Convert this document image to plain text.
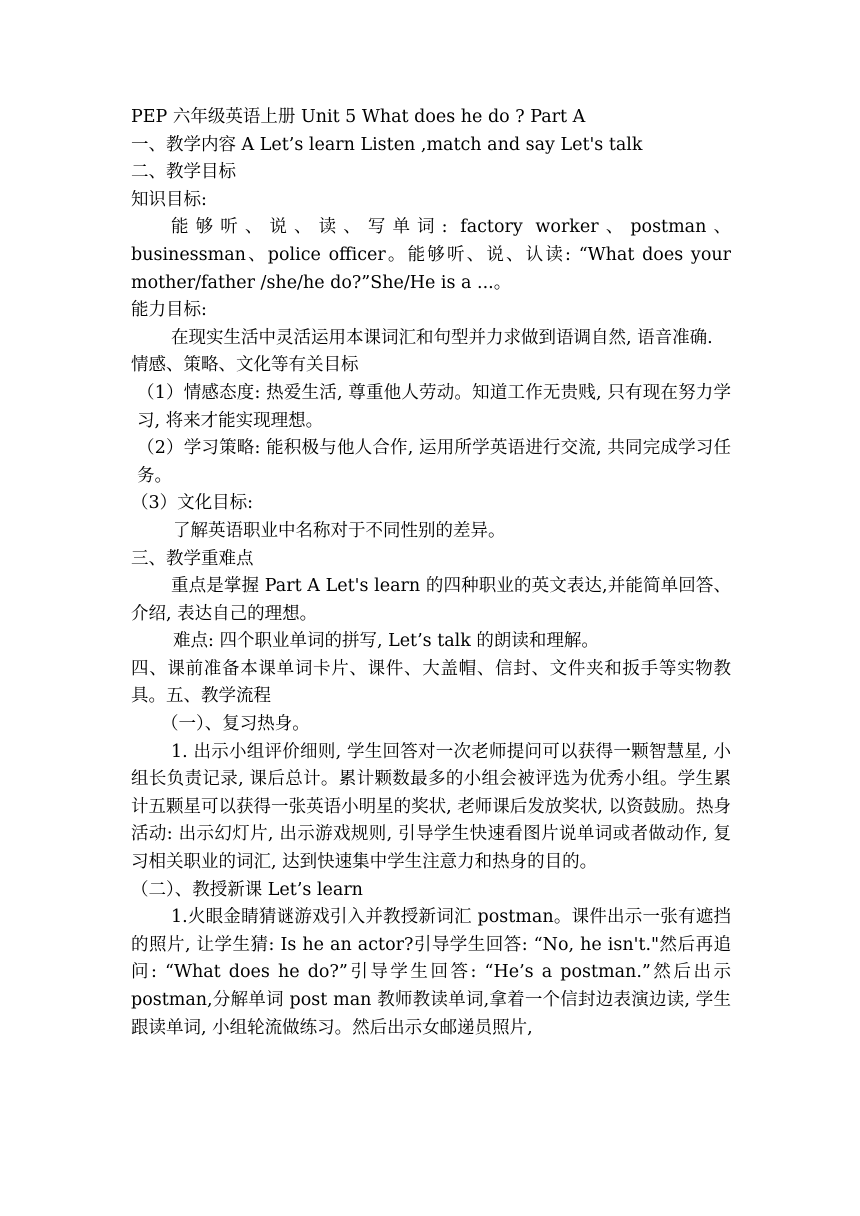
PEP 六年级英语上册 Unit 5 What does he do ? Part A
一、教学内容 A Let’s learn Listen ,match and say Let's talk
二、教学目标
知识目标:
能够听、说、读、写单词: factory worker、postman、businessman、police officer。能够听、说、认读: “What does your mother/father /she/he do?”She/He is a ...。
能力目标:
在现实生活中灵活运用本课词汇和句型并力求做到语调自然, 语音准确.
情感、策略、文化等有关目标
（1）情感态度: 热爱生活, 尊重他人劳动。知道工作无贵贱, 只有现在努力学习, 将来才能实现理想。
（2）学习策略: 能积极与他人合作, 运用所学英语进行交流, 共同完成学习任务。
（3）文化目标:
了解英语职业中名称对于不同性别的差异。
三、教学重难点
重点是掌握 Part A Let's learn 的四种职业的英文表达,并能简单回答、介绍, 表达自己的理想。
难点: 四个职业单词的拼写, Let’s talk 的朗读和理解。
四、课前准备本课单词卡片、课件、大盖帽、信封、文件夹和扳手等实物教具。五、教学流程
（一）、复习热身。
1. 出示小组评价细则, 学生回答对一次老师提问可以获得一颗智慧星, 小组长负责记录, 课后总计。累计颗数最多的小组会被评选为优秀小组。学生累计五颗星可以获得一张英语小明星的奖状, 老师课后发放奖状, 以资鼓励。热身活动: 出示幻灯片, 出示游戏规则, 引导学生快速看图片说单词或者做动作, 复习相关职业的词汇, 达到快速集中学生注意力和热身的目的。
（二）、教授新课 Let’s learn
1.火眼金睛猜谜游戏引入并教授新词汇 postman。课件出示一张有遮挡的照片, 让学生猜: Is he an actor?引导学生回答: “No, he isn't."然后再追问: “What does he do?”引导学生回答: “He’s a postman.”然后出示 postman,分解单词 post man 教师教读单词,拿着一个信封边表演边读, 学生跟读单词, 小组轮流做练习。然后出示女邮递员照片,
